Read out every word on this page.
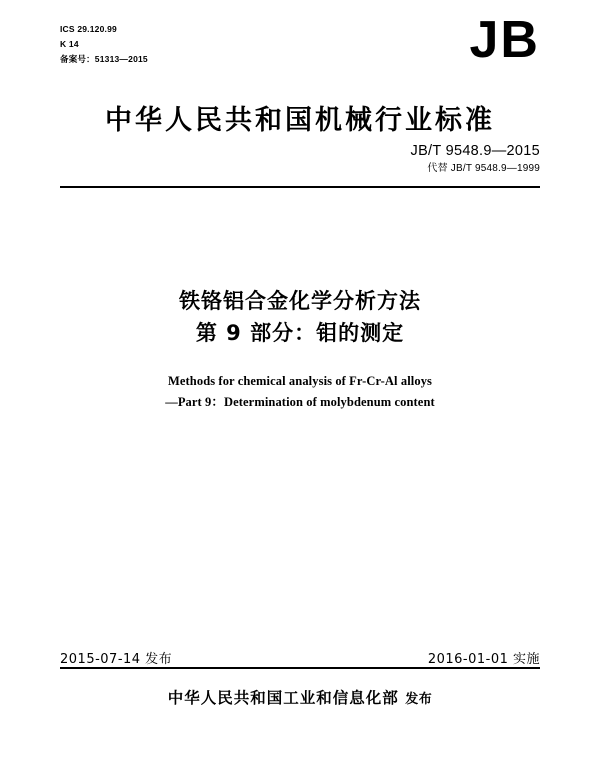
ICS 29.120.99
K 14
备案号：51313—2015	JB
中华人民共和国机械行业标准
JB/T 9548.9—2015
代替 JB/T 9548.9—1999
铁铬铝合金化学分析方法
第 9 部分：钼的测定
Methods for chemical analysis of Fr-Cr-Al alloys
—Part 9：Determination of molybdenum content
2015-07-14 发布	2016-01-01 实施
中华人民共和国工业和信息化部 发布
